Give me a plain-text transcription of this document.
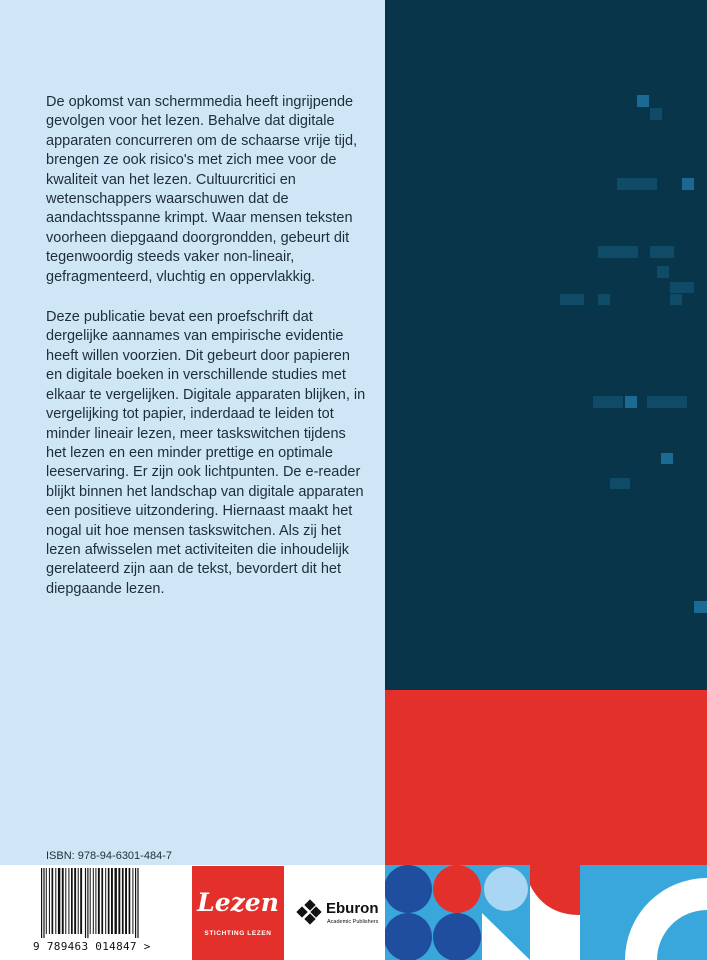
De opkomst van schermmedia heeft ingrijpende gevolgen voor het lezen. Behalve dat digitale apparaten concurreren om de schaarse vrije tijd, brengen ze ook risico's met zich mee voor de kwaliteit van het lezen. Cultuurcritici en wetenschappers waarschuwen dat de aandachtsspanne krimpt. Waar mensen teksten voorheen diepgaand doorgrondden, gebeurt dit tegenwoordig steeds vaker non-lineair, gefragmenteerd, vluchtig en oppervlakkig.

Deze publicatie bevat een proefschrift dat dergelijke aannames van empirische evidentie heeft willen voorzien. Dit gebeurt door papieren en digitale boeken in verschillende studies met elkaar te vergelijken. Digitale apparaten blijken, in vergelijking tot papier, inderdaad te leiden tot minder lineair lezen, meer taskswitchen tijdens het lezen en een minder prettige en optimale leeservaring. Er zijn ook lichtpunten. De e-reader blijkt binnen het landschap van digitale apparaten een positieve uitzondering. Hiernaast maakt het nogal uit hoe mensen taskswitchen. Als zij het lezen afwisselen met activiteiten die inhoudelijk gerelateerd zijn aan de tekst, bevordert dit het diepgaande lezen.

ISBN: 978-94-6301-484-7
9 789463 014847 >
Lezen
STICHTING LEZEN
Eburon
Academic Publishers
